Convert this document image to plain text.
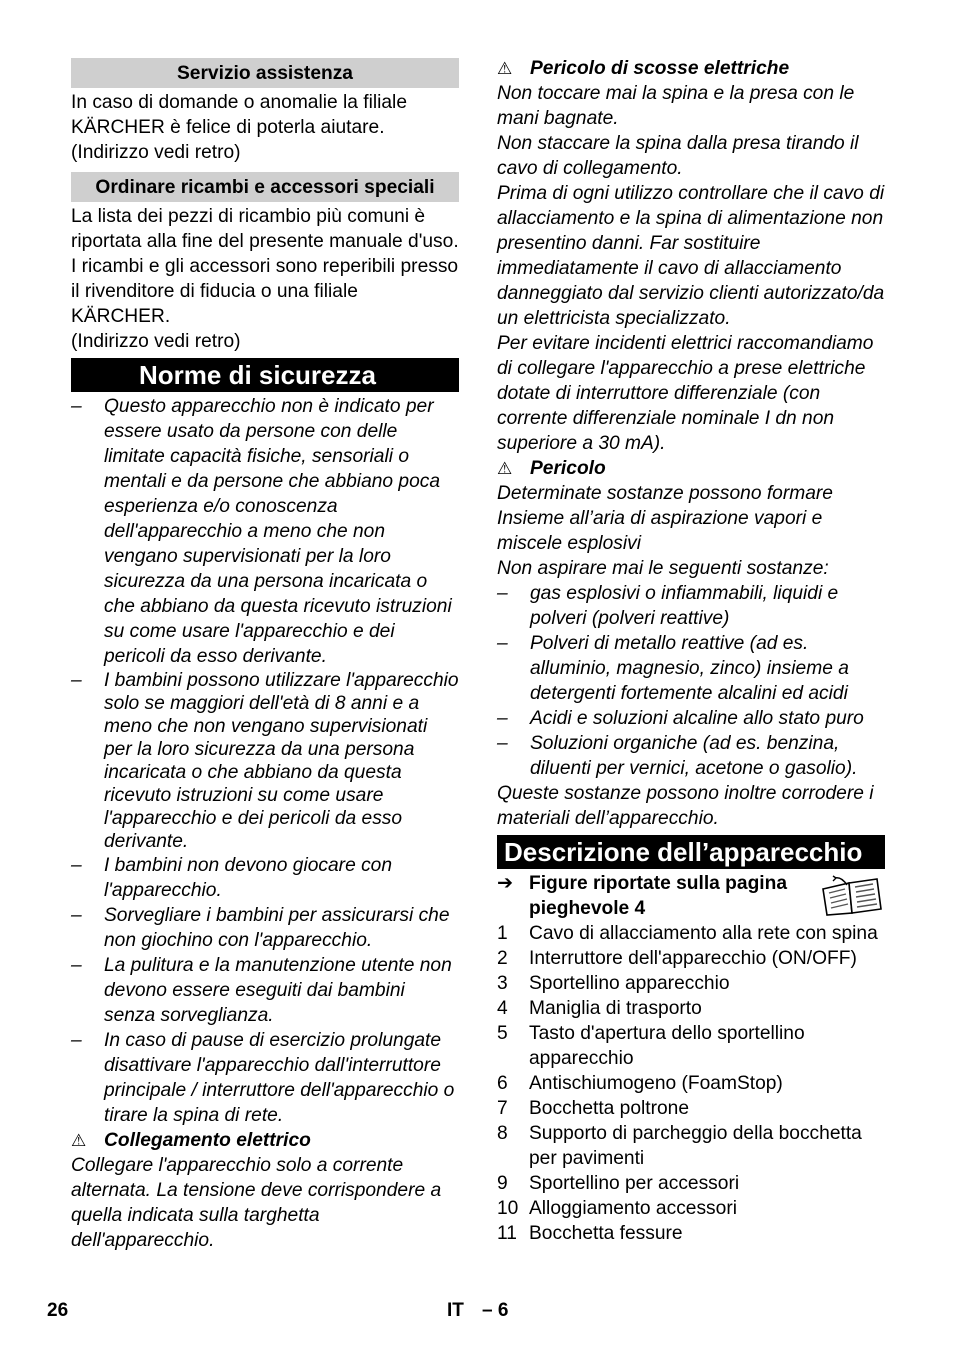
Servizio assistenza

In caso di domande o anomalie la filiale KÄRCHER è felice di poterla aiutare.

(Indirizzo vedi retro)

Ordinare ricambi e accessori speciali

La lista dei pezzi di ricambio più comuni è riportata alla fine del presente manuale d'uso.

I ricambi e gli accessori sono reperibili presso il rivenditore di fiducia o una filiale KÄRCHER.

(Indirizzo vedi retro)

Norme di sicurezza
– Questo apparecchio non è indicato per essere usato da persone con delle limitate capacità fisiche, sensoriali o mentali e da persone che abbiano poca esperienza e/o conoscenza dell'apparecchio a meno che non vengano supervisionati per la loro sicurezza da una persona incaricata o che abbiano da questa ricevuto istruzioni su come usare l'apparecchio e dei pericoli da esso derivante.
– I bambini possono utilizzare l'apparecchio solo se maggiori dell'età di 8 anni e a meno che non vengano supervisionati per la loro sicurezza da una persona incaricata o che abbiano da questa ricevuto istruzioni su come usare l'apparecchio e dei pericoli da esso derivante.
– I bambini non devono giocare con l'apparecchio.
– Sorvegliare i bambini per assicurarsi che non giochino con l'apparecchio.
– La pulitura e la manutenzione utente non devono essere eseguiti dai bambini senza sorveglianza.
– In caso di pause di esercizio prolungate disattivare l'apparecchio dall'interruttore principale / interruttore dell'apparecchio o tirare la spina di rete.
⚠ Collegamento elettrico

Collegare l'apparecchio solo a corrente alternata. La tensione deve corrispondere a quella indicata sulla targhetta dell'apparecchio.

⚠ Pericolo di scosse elettriche

Non toccare mai la spina e la presa con le mani bagnate.

Non staccare la spina dalla presa tirando il cavo di collegamento.

Prima di ogni utilizzo controllare che il cavo di allacciamento e la spina di alimentazione non presentino danni. Far sostituire immediatamente il cavo di allacciamento danneggiato dal servizio clienti autorizzato/da un elettricista specializzato.

Per evitare incidenti elettrici raccomandiamo di collegare l'apparecchio a prese elettriche dotate di interruttore differenziale (con corrente differenziale nominale I dn non superiore a 30 mA).

⚠ Pericolo

Determinate sostanze possono formare Insieme all’aria di aspirazione vapori e miscele esplosivi

Non aspirare mai le seguenti sostanze:

– gas esplosivi o infiammabili, liquidi e polveri (polveri reattive)
– Polveri di metallo reattive (ad es. alluminio, magnesio, zinco) insieme a detergenti fortemente alcalini ed acidi
– Acidi e soluzioni alcaline allo stato puro
– Soluzioni organiche (ad es. benzina, diluenti per vernici, acetone o gasolio).

Queste sostanze possono inoltre corrodere i materiali dell’apparecchio.

Descrizione dell’apparecchio
➔ Figure riportate sulla pagina pieghevole 4
1 Cavo di allacciamento alla rete con spina
2 Interruttore dell'apparecchio (ON/OFF)
3 Sportellino apparecchio
4 Maniglia di trasporto
5 Tasto d'apertura dello sportellino apparecchio
6 Antischiumogeno (FoamStop)
7 Bocchetta poltrone
8 Supporto di parcheggio della bocchetta per pavimenti
9 Sportellino per accessori
10 Alloggiamento accessori
11 Bocchetta fessure
26	IT – 6
